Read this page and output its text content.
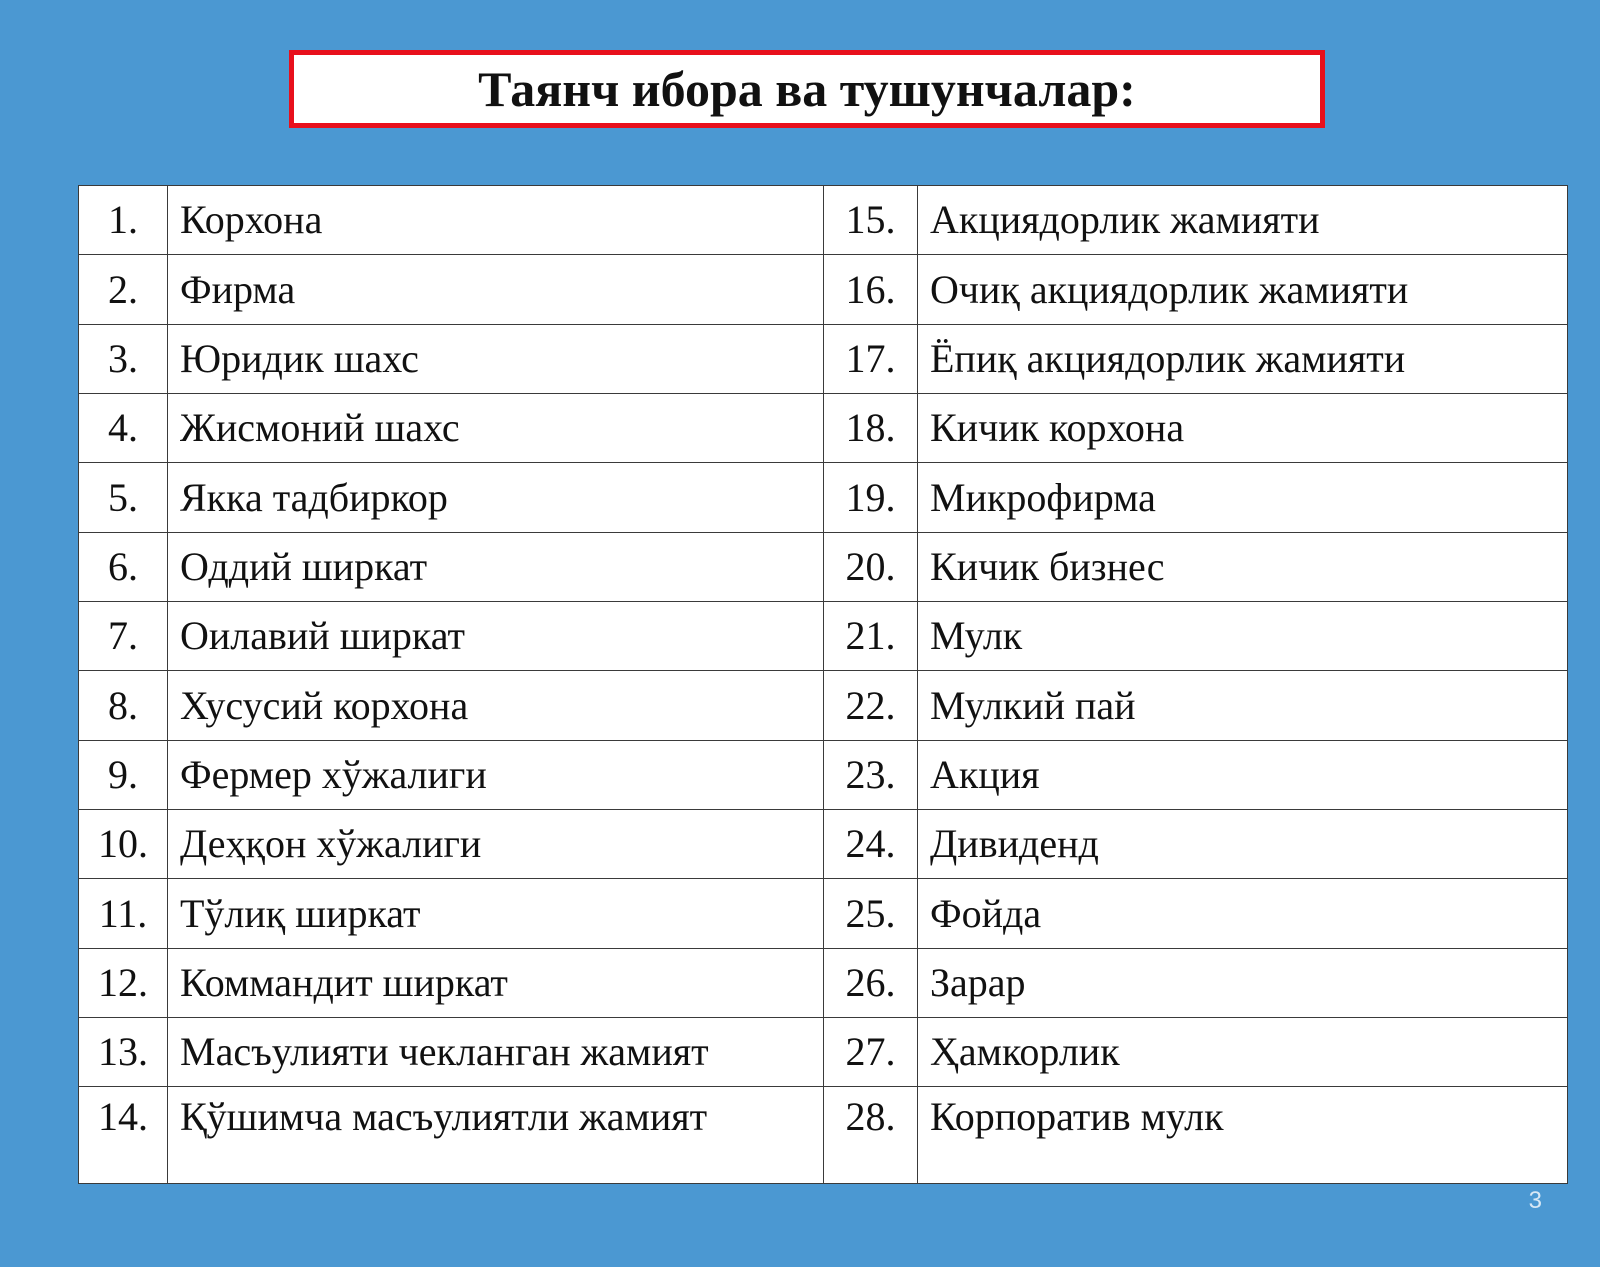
Таянч ибора ва тушунчалар:
1.	Корхона	15.	Акциядорлик жамияти
2.	Фирма	16.	Очиқ акциядорлик жамияти
3.	Юридик шахс	17.	Ёпиқ акциядорлик жамияти
4.	Жисмоний шахс	18.	Кичик корхона
5.	Якка тадбиркор	19.	Микрофирма
6.	Оддий ширкат	20.	Кичик бизнес
7.	Оилавий ширкат	21.	Мулк
8.	Хусусий корхона	22.	Мулкий пай
9.	Фермер хўжалиги	23.	Акция
10.	Деҳқон хўжалиги	24.	Дивиденд
11.	Тўлиқ ширкат	25.	Фойда
12.	Коммандит ширкат	26.	Зарар
13.	Масъулияти чекланган жамият	27.	Ҳамкорлик
14.	Қўшимча масъулиятли жамият	28.	Корпоратив мулк
3
